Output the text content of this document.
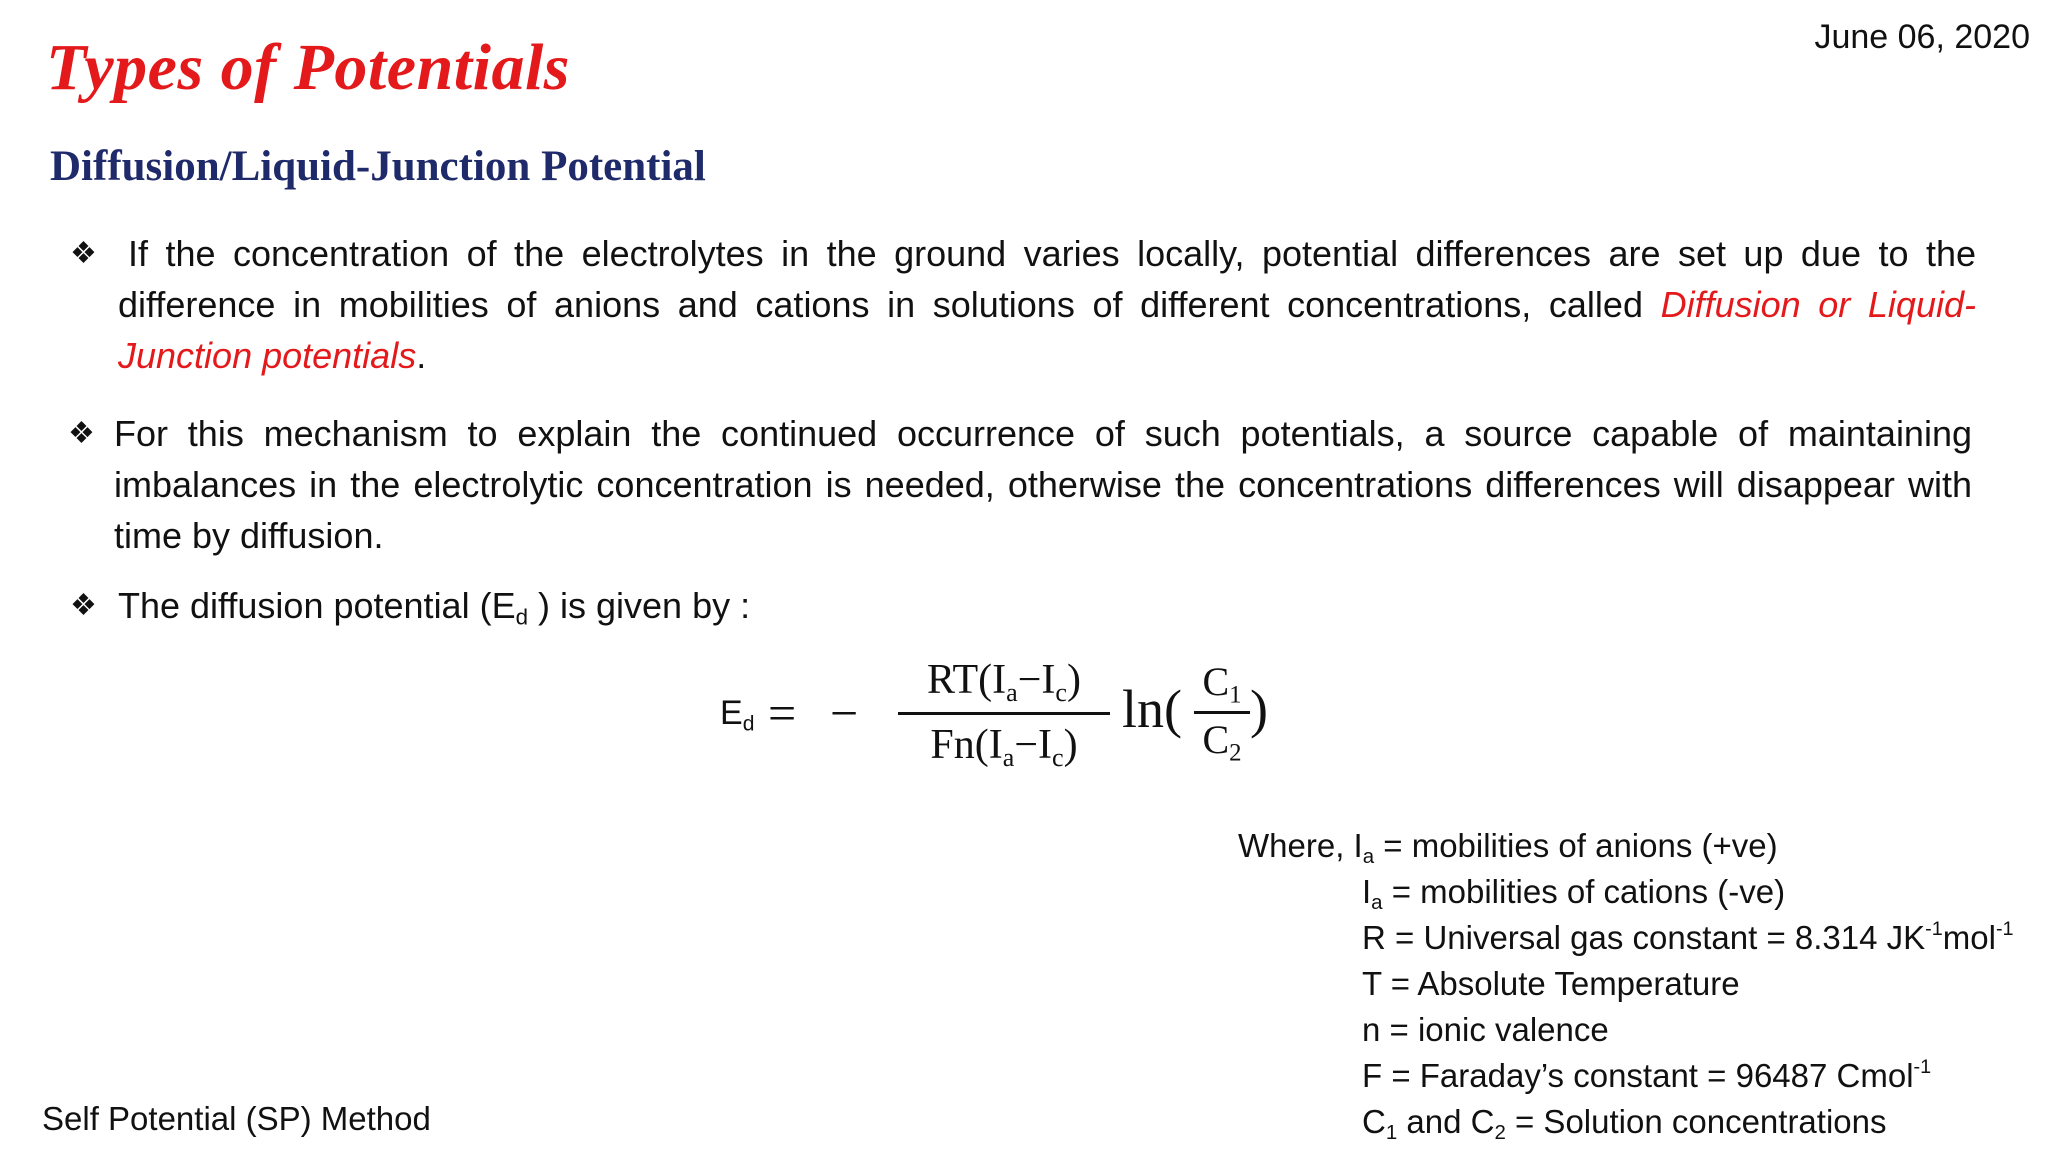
June 06, 2020
Types of Potentials
Diffusion/Liquid-Junction Potential
❖ If the concentration of the electrolytes in the ground varies locally, potential differences are set up due to the difference in mobilities of anions and cations in solutions of different concentrations, called Diffusion or Liquid-Junction potentials.
❖ For this mechanism to explain the continued occurrence of such potentials, a source capable of maintaining imbalances in the electrolytic concentration is needed, otherwise the concentrations differences will disappear with time by diffusion.
❖ The diffusion potential ($E_d$ ) is given by :
$E_d$ = − $\frac{RT(I_a-I_c)}{Fn(I_a-I_c)} \ln( \frac{C_1}{C_2}$ )
Where, $I_a$ = mobilities of anions (+ve)
$I_a$ = mobilities of cations (-ve)
R = Universal gas constant = 8.314 $JK^{-1}mol^{-1}$
T = Absolute Temperature
n = ionic valence
F = Faraday’s constant = 96487 Cmol$^{-1}$
$C_1$ and $C_2$ = Solution concentrations
Self Potential (SP) Method
